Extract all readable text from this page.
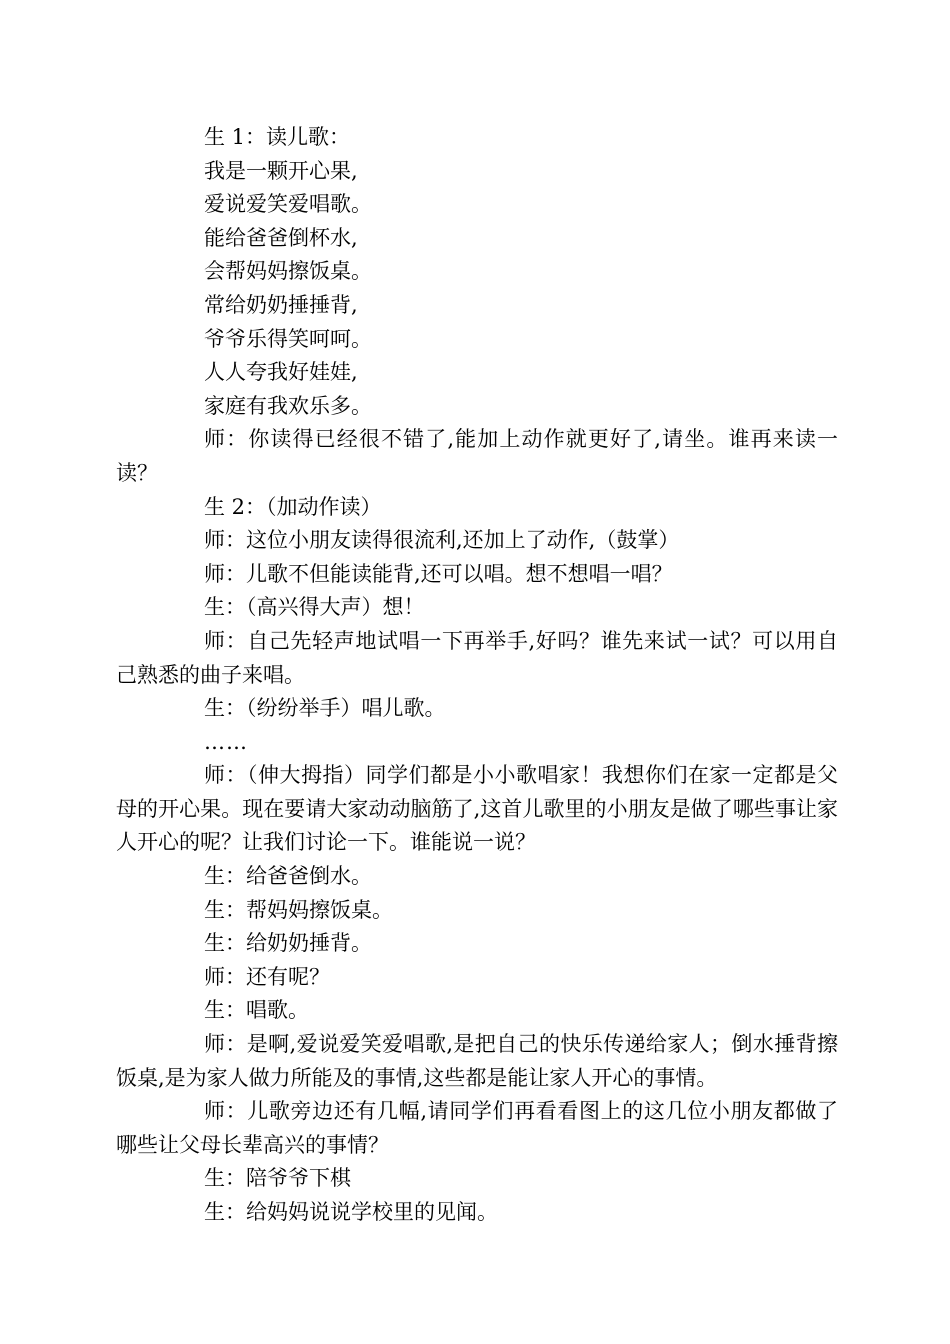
生 1：读儿歌：

我是一颗开心果,

爱说爱笑爱唱歌。

能给爸爸倒杯水,

会帮妈妈擦饭桌。

常给奶奶捶捶背,

爷爷乐得笑呵呵。

人人夸我好娃娃,

家庭有我欢乐多。

师：你读得已经很不错了,能加上动作就更好了,请坐。谁再来读一读？

生 2：（加动作读）

师：这位小朋友读得很流利,还加上了动作,（鼓掌）

师：儿歌不但能读能背,还可以唱。想不想唱一唱？

生：（高兴得大声）想！

师：自己先轻声地试唱一下再举手,好吗？谁先来试一试？可以用自己熟悉的曲子来唱。

生：（纷纷举手）唱儿歌。

……

师：（伸大拇指）同学们都是小小歌唱家！我想你们在家一定都是父母的开心果。现在要请大家动动脑筋了,这首儿歌里的小朋友是做了哪些事让家人开心的呢？让我们讨论一下。谁能说一说？

生：给爸爸倒水。

生：帮妈妈擦饭桌。

生：给奶奶捶背。

师：还有呢？

生：唱歌。

师：是啊,爱说爱笑爱唱歌,是把自己的快乐传递给家人；倒水捶背擦饭桌,是为家人做力所能及的事情,这些都是能让家人开心的事情。

师：儿歌旁边还有几幅,请同学们再看看图上的这几位小朋友都做了哪些让父母长辈高兴的事情？

生：陪爷爷下棋

生：给妈妈说说学校里的见闻。
